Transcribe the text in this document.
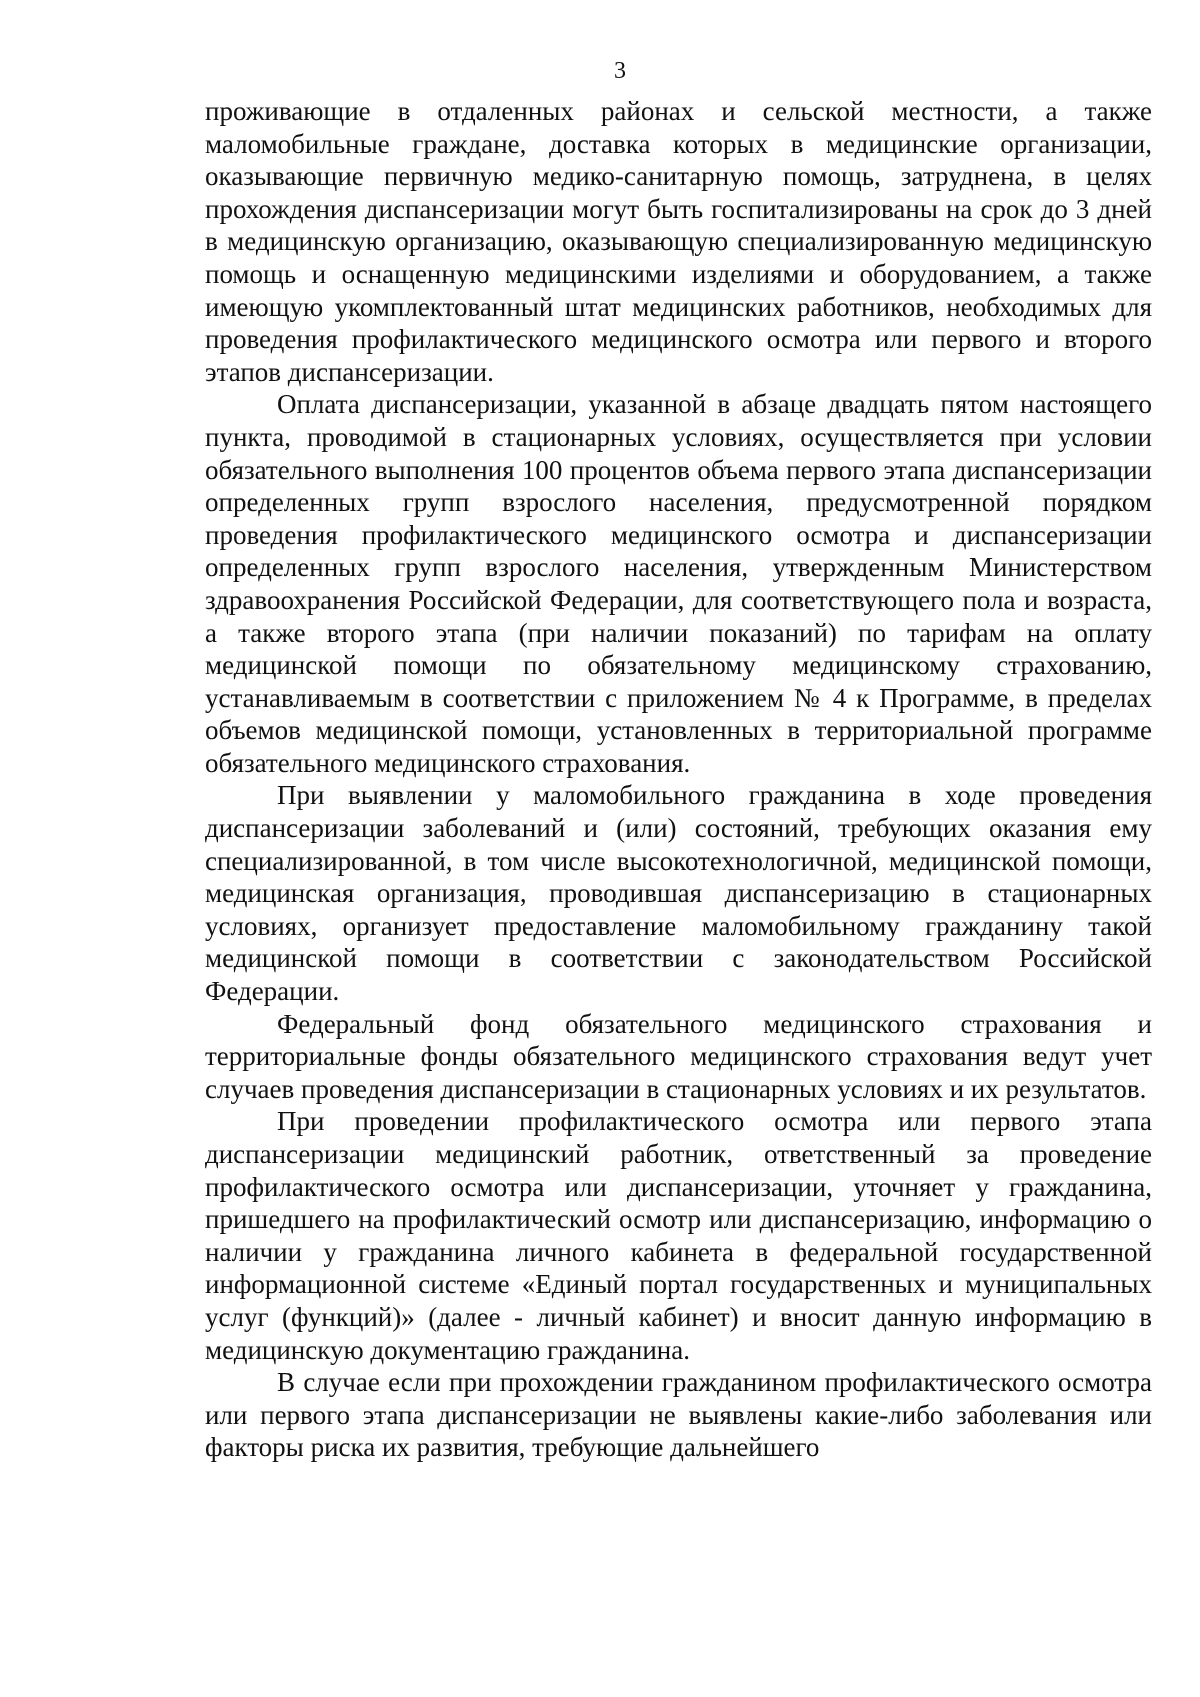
3

проживающие в отдаленных районах и сельской местности, а также маломобильные граждане, доставка которых в медицинские организации, оказывающие первичную медико-санитарную помощь, затруднена, в целях прохождения диспансеризации могут быть госпитализированы на срок до 3 дней в медицинскую организацию, оказывающую специализированную медицинскую помощь и оснащенную медицинскими изделиями и оборудованием, а также имеющую укомплектованный штат медицинских работников, необходимых для проведения профилактического медицинского осмотра или первого и второго этапов диспансеризации.

Оплата диспансеризации, указанной в абзаце двадцать пятом настоящего пункта, проводимой в стационарных условиях, осуществляется при условии обязательного выполнения 100 процентов объема первого этапа диспансеризации определенных групп взрослого населения, предусмотренной порядком проведения профилактического медицинского осмотра и диспансеризации определенных групп взрослого населения, утвержденным Министерством здравоохранения Российской Федерации, для соответствующего пола и возраста, а также второго этапа (при наличии показаний) по тарифам на оплату медицинской помощи по обязательному медицинскому страхованию, устанавливаемым в соответствии с приложением № 4 к Программе, в пределах объемов медицинской помощи, установленных в территориальной программе обязательного медицинского страхования.

При выявлении у маломобильного гражданина в ходе проведения диспансеризации заболеваний и (или) состояний, требующих оказания ему специализированной, в том числе высокотехнологичной, медицинской помощи, медицинская организация, проводившая диспансеризацию в стационарных условиях, организует предоставление маломобильному гражданину такой медицинской помощи в соответствии с законодательством Российской Федерации.

Федеральный фонд обязательного медицинского страхования и территориальные фонды обязательного медицинского страхования ведут учет случаев проведения диспансеризации в стационарных условиях и их результатов.

При проведении профилактического осмотра или первого этапа диспансеризации медицинский работник, ответственный за проведение профилактического осмотра или диспансеризации, уточняет у гражданина, пришедшего на профилактический осмотр или диспансеризацию, информацию о наличии у гражданина личного кабинета в федеральной государственной информационной системе «Единый портал государственных и муниципальных услуг (функций)» (далее - личный кабинет) и вносит данную информацию в медицинскую документацию гражданина.

В случае если при прохождении гражданином профилактического осмотра или первого этапа диспансеризации не выявлены какие-либо заболевания или факторы риска их развития, требующие дальнейшего
